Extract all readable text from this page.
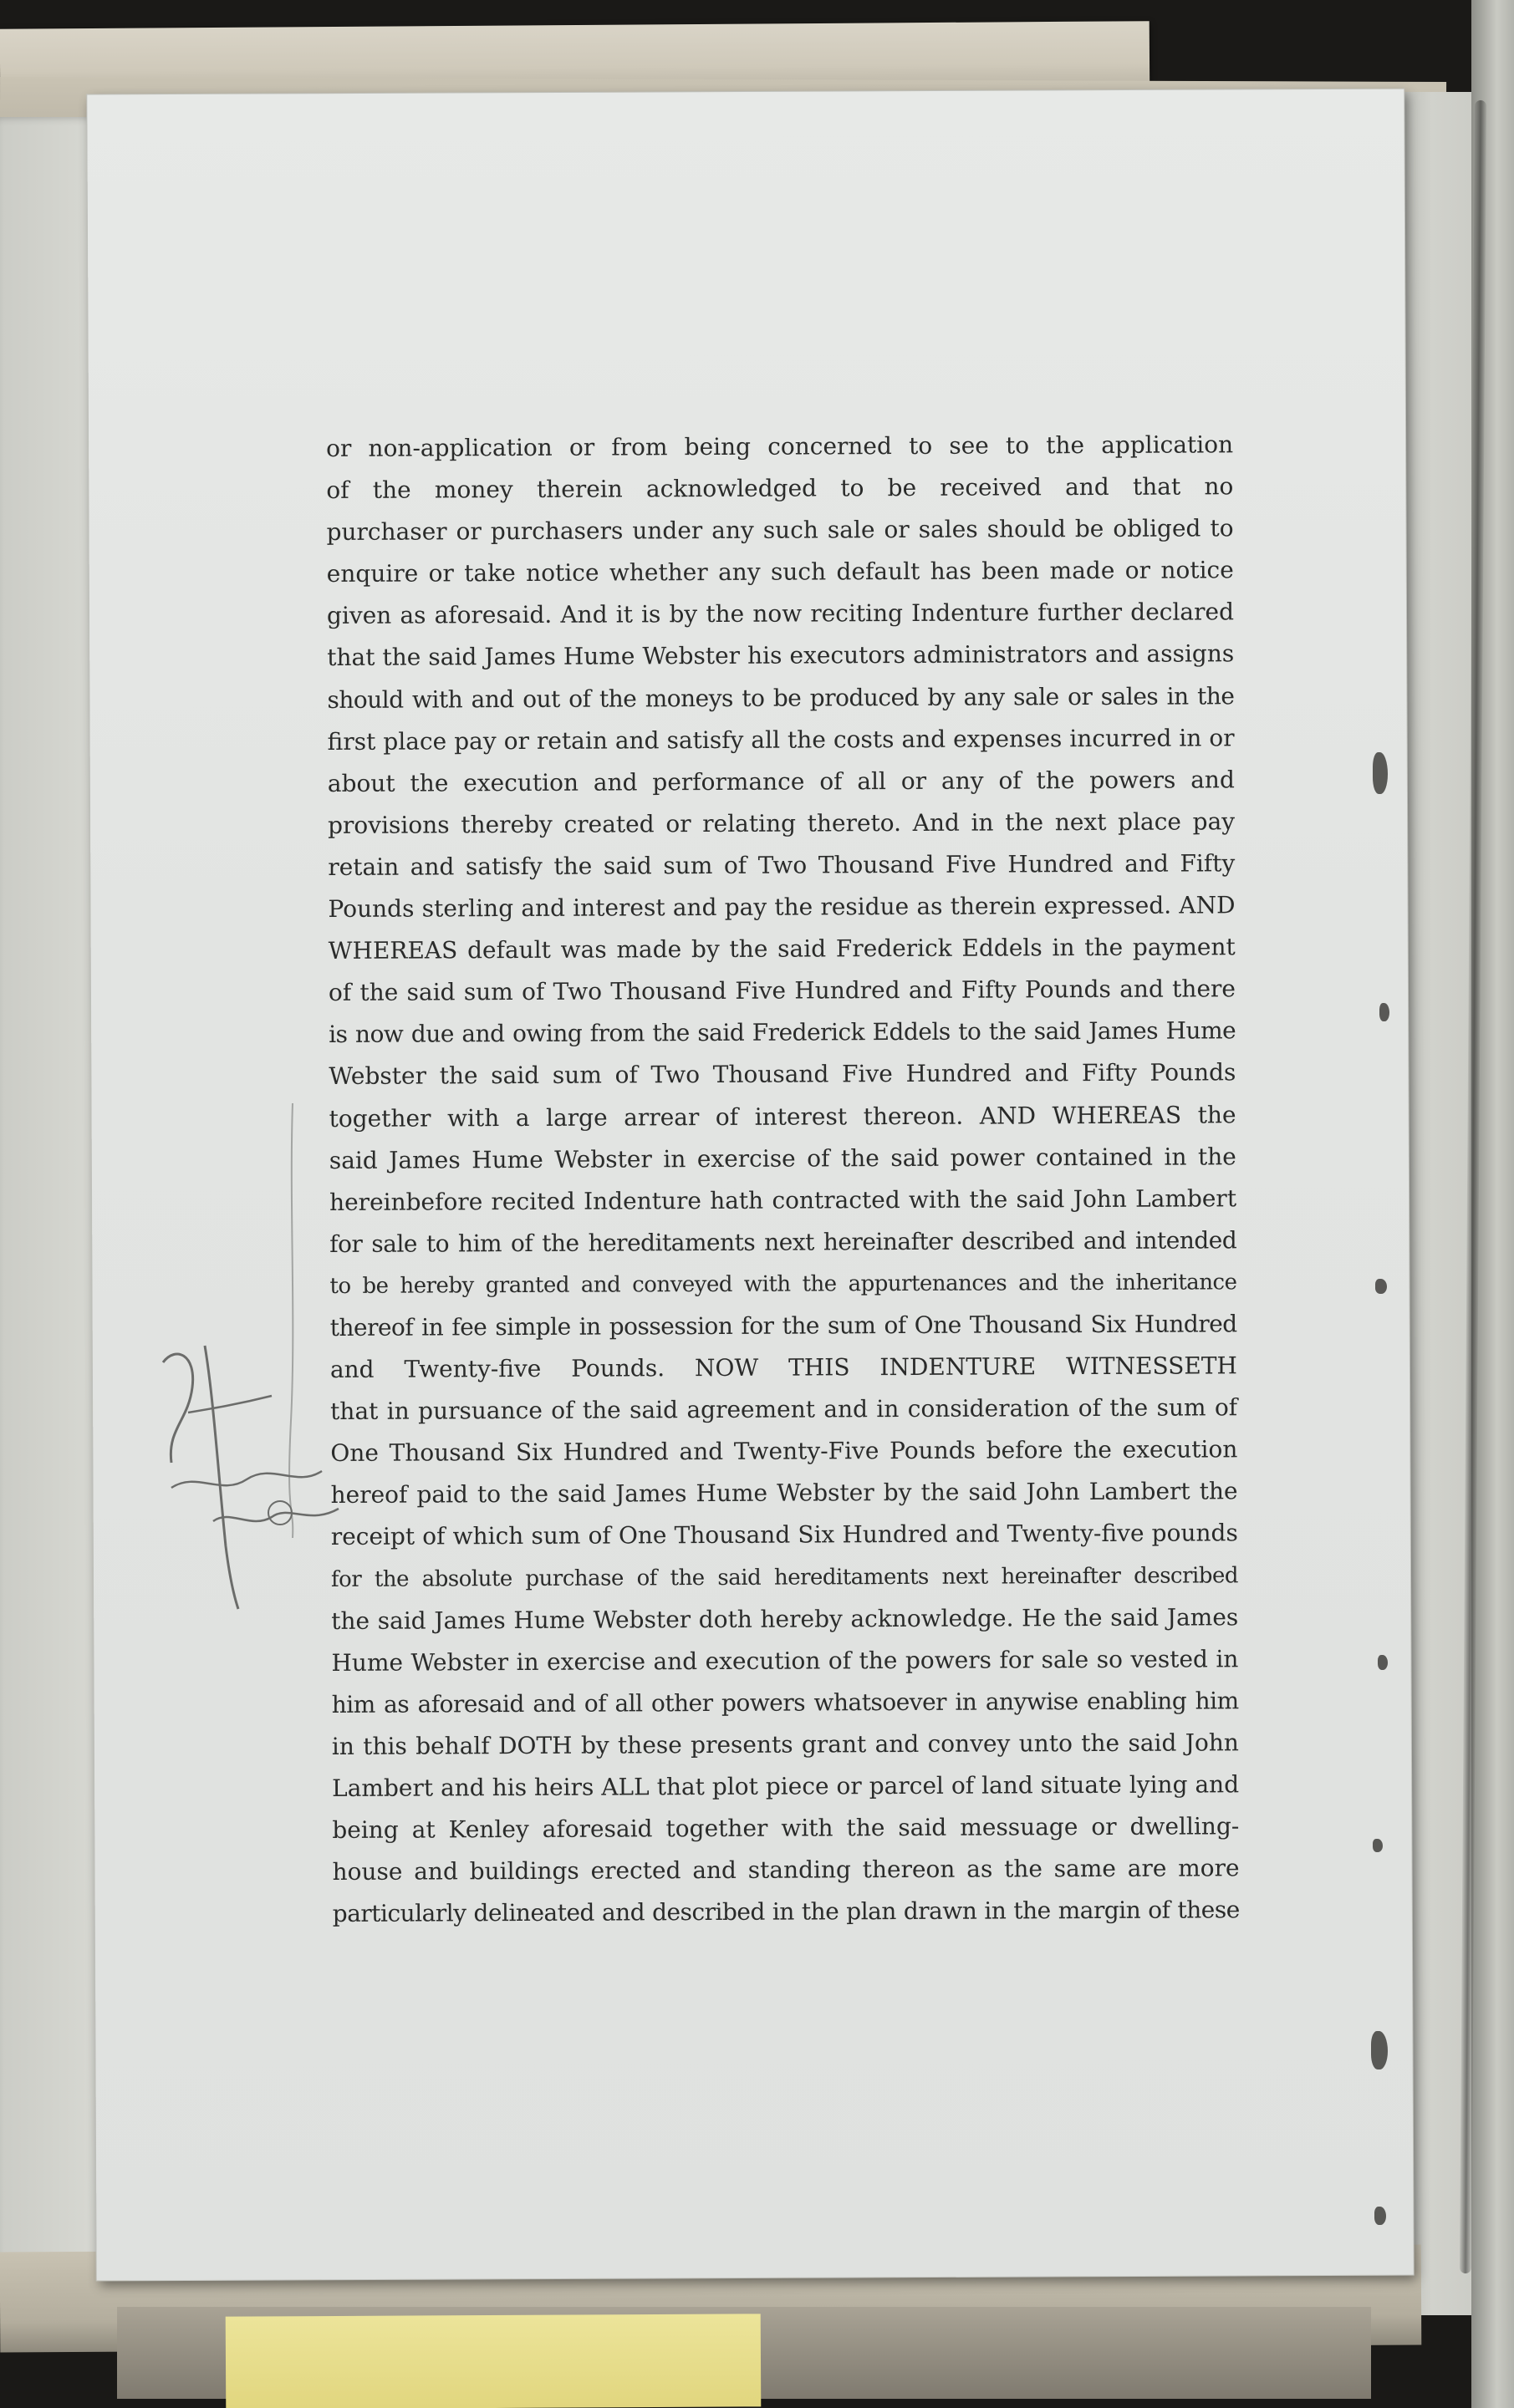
or non-application or from being concerned to see to the application
of the money therein acknowledged to be received and that no
purchaser or purchasers under any such sale or sales should be obliged to
enquire or take notice whether any such default has been made or notice
given as aforesaid. And it is by the now reciting Indenture further declared
that the said James Hume Webster his executors administrators and assigns
should with and out of the moneys to be produced by any sale or sales in the
first place pay or retain and satisfy all the costs and expenses incurred in or
about the execution and performance of all or any of the powers and
provisions thereby created or relating thereto. And in the next place pay
retain and satisfy the said sum of Two Thousand Five Hundred and Fifty
Pounds sterling and interest and pay the residue as therein expressed. AND
WHEREAS default was made by the said Frederick Eddels in the payment
of the said sum of Two Thousand Five Hundred and Fifty Pounds and there
is now due and owing from the said Frederick Eddels to the said James Hume
Webster the said sum of Two Thousand Five Hundred and Fifty Pounds
together with a large arrear of interest thereon. AND WHEREAS the
said James Hume Webster in exercise of the said power contained in the
hereinbefore recited Indenture hath contracted with the said John Lambert
for sale to him of the hereditaments next hereinafter described and intended
to be hereby granted and conveyed with the appurtenances and the inheritance
thereof in fee simple in possession for the sum of One Thousand Six Hundred
and Twenty-five Pounds. NOW THIS INDENTURE WITNESSETH
that in pursuance of the said agreement and in consideration of the sum of
One Thousand Six Hundred and Twenty-Five Pounds before the execution
hereof paid to the said James Hume Webster by the said John Lambert the
receipt of which sum of One Thousand Six Hundred and Twenty-five pounds
for the absolute purchase of the said hereditaments next hereinafter described
the said James Hume Webster doth hereby acknowledge. He the said James
Hume Webster in exercise and execution of the powers for sale so vested in
him as aforesaid and of all other powers whatsoever in anywise enabling him
in this behalf DOTH by these presents grant and convey unto the said John
Lambert and his heirs ALL that plot piece or parcel of land situate lying and
being at Kenley aforesaid together with the said messuage or dwelling-
house and buildings erected and standing thereon as the same are more
particularly delineated and described in the plan drawn in the margin of these
